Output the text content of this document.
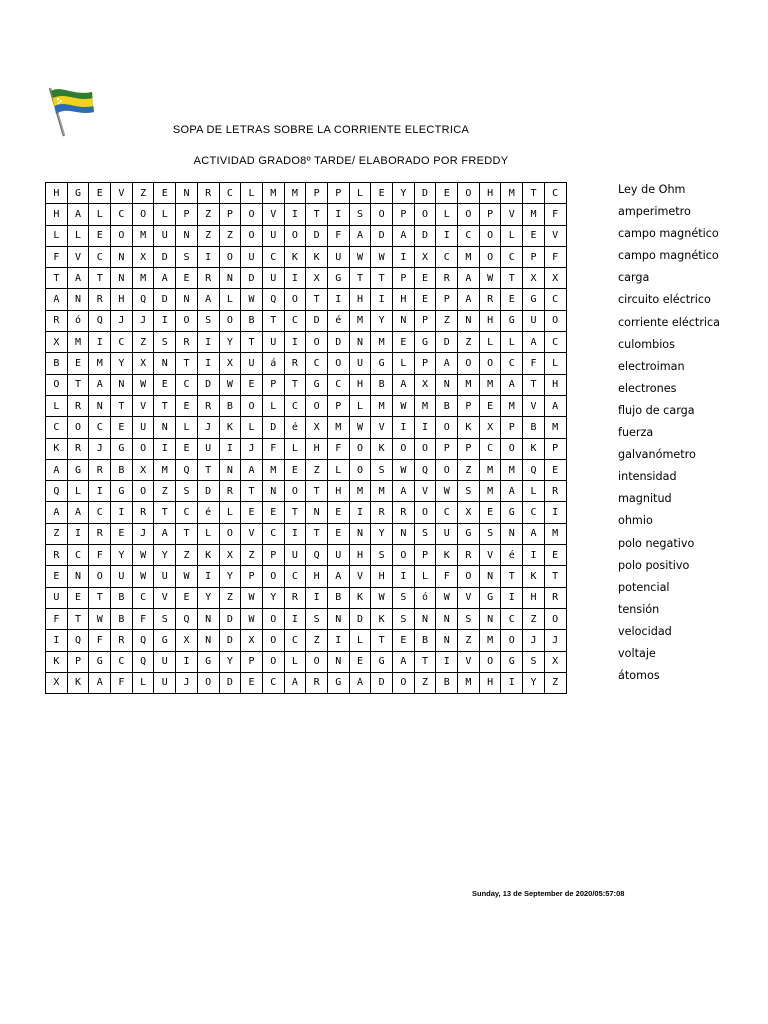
SOPA DE LETRAS SOBRE LA CORRIENTE ELECTRICA
ACTIVIDAD GRADO8º TARDE/ ELABORADO POR FREDDY
H	G	E	V	Z	E	N	R	C	L	M	M	P	P	L	E	Y	D	E	O	H	M	T	C
H	A	L	C	O	L	P	Z	P	O	V	I	T	I	S	O	P	O	L	O	P	V	M	F
L	L	E	O	M	U	N	Z	Z	O	U	O	D	F	A	D	A	D	I	C	O	L	E	V
F	V	C	N	X	D	S	I	O	U	C	K	K	U	W	W	I	X	C	M	O	C	P	F
T	A	T	N	M	A	E	R	N	D	U	I	X	G	T	T	P	E	R	A	W	T	X	X
A	N	R	H	Q	D	N	A	L	W	Q	O	T	I	H	I	H	E	P	A	R	E	G	C
R	ó	Q	J	J	I	O	S	O	B	T	C	D	é	M	Y	N	P	Z	N	H	G	U	O
X	M	I	C	Z	S	R	I	Y	T	U	I	O	D	N	M	E	G	D	Z	L	L	A	C
B	E	M	Y	X	N	T	I	X	U	á	R	C	O	U	G	L	P	A	O	O	C	F	L
O	T	A	N	W	E	C	D	W	E	P	T	G	C	H	B	A	X	N	M	M	A	T	H
L	R	N	T	V	T	E	R	B	O	L	C	O	P	L	M	W	M	B	P	E	M	V	A
C	O	C	E	U	N	L	J	K	L	D	é	X	M	W	V	I	I	O	K	X	P	B	M
K	R	J	G	O	I	E	U	I	J	F	L	H	F	O	K	O	O	P	P	C	O	K	P
A	G	R	B	X	M	Q	T	N	A	M	E	Z	L	O	S	W	Q	O	Z	M	M	Q	E
Q	L	I	G	O	Z	S	D	R	T	N	O	T	H	M	M	A	V	W	S	M	A	L	R
A	A	C	I	R	T	C	é	L	E	E	T	N	E	I	R	R	O	C	X	E	G	C	I
Z	I	R	E	J	A	T	L	O	V	C	I	T	E	N	Y	N	S	U	G	S	N	A	M
R	C	F	Y	W	Y	Z	K	X	Z	P	U	Q	U	H	S	O	P	K	R	V	é	I	E
E	N	O	U	W	U	W	I	Y	P	O	C	H	A	V	H	I	L	F	O	N	T	K	T
U	E	T	B	C	V	E	Y	Z	W	Y	R	I	B	K	W	S	ó	W	V	G	I	H	R
F	T	W	B	F	S	Q	N	D	W	O	I	S	N	D	K	S	N	N	S	N	C	Z	O
I	Q	F	R	Q	G	X	N	D	X	O	C	Z	I	L	T	E	B	N	Z	M	O	J	J
K	P	G	C	Q	U	I	G	Y	P	O	L	O	N	E	G	A	T	I	V	O	G	S	X
X	K	A	F	L	U	J	O	D	E	C	A	R	G	A	D	O	Z	B	M	H	I	Y	Z
Ley de Ohm
amperimetro
campo magnético
campo magnético
carga
circuito eléctrico
corriente eléctrica
culombios
electroiman
electrones
flujo de carga
fuerza
galvanómetro
intensidad
magnitud
ohmio
polo negativo
polo positivo
potencial
tensión
velocidad
voltaje
átomos
Sunday, 13 de September de 2020/05:57:08
